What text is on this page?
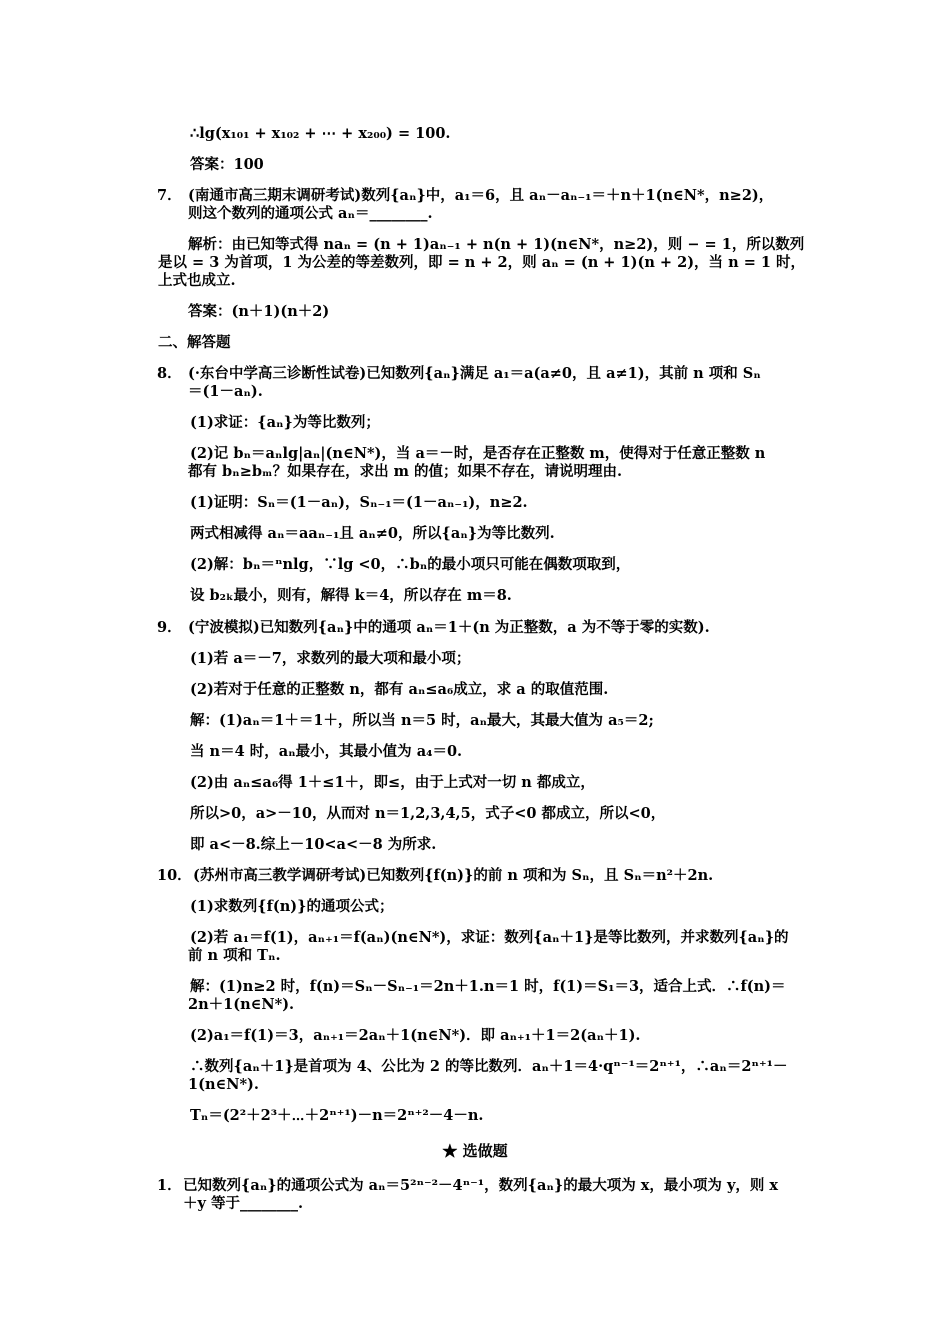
∴lg(x₁₀₁ + x₁₀₂ + ⋯ + x₂₀₀) = 100.
答案：100
7． (南通市高三期末调研考试)数列{aₙ}中，a₁＝6，且 aₙ－aₙ₋₁＝＋n＋1(n∈N*，n≥2)，
则这个数列的通项公式 aₙ＝________.
解析：由已知等式得 naₙ = (n + 1)aₙ₋₁ + n(n + 1)(n∈N*，n≥2)，则 − = 1，所以数列
是以 = 3 为首项，1 为公差的等差数列，即 = n + 2，则 aₙ = (n + 1)(n + 2)，当 n = 1 时，
上式也成立.
答案：(n＋1)(n＋2)
二、解答题
8． (·东台中学高三诊断性试卷)已知数列{aₙ}满足 a₁＝a(a≠0，且 a≠1)，其前 n 项和 Sₙ
＝(1－aₙ).
(1)求证：{aₙ}为等比数列；
(2)记 bₙ＝aₙlg|aₙ|(n∈N*)，当 a＝－时，是否存在正整数 m，使得对于任意正整数 n
都有 bₙ≥bₘ？如果存在，求出 m 的值；如果不存在，请说明理由.
(1)证明：Sₙ＝(1－aₙ)，Sₙ₋₁＝(1－aₙ₋₁)，n≥2.
两式相减得 aₙ＝aaₙ₋₁且 aₙ≠0，所以{aₙ}为等比数列.
(2)解：bₙ＝ⁿnlg，∵lg <0，∴bₙ的最小项只可能在偶数项取到，
设 b₂ₖ最小，则有，解得 k＝4，所以存在 m＝8.
9． (宁波模拟)已知数列{aₙ}中的通项 aₙ＝1＋(n 为正整数，a 为不等于零的实数).
(1)若 a＝－7，求数列的最大项和最小项；
(2)若对于任意的正整数 n，都有 aₙ≤a₆成立，求 a 的取值范围.
解：(1)aₙ＝1＋＝1＋，所以当 n＝5 时，aₙ最大，其最大值为 a₅＝2;
当 n＝4 时，aₙ最小，其最小值为 a₄＝0.
(2)由 aₙ≤a₆得 1＋≤1＋，即≤，由于上式对一切 n 都成立，
所以>0，a>－10，从而对 n＝1,2,3,4,5，式子<0 都成立，所以<0，
即 a<－8.综上－10<a<－8 为所求.
10． (苏州市高三教学调研考试)已知数列{f(n)}的前 n 项和为 Sₙ，且 Sₙ＝n²＋2n.
(1)求数列{f(n)}的通项公式；
(2)若 a₁＝f(1)，aₙ₊₁＝f(aₙ)(n∈N*)，求证：数列{aₙ＋1}是等比数列，并求数列{aₙ}的
前 n 项和 Tₙ.
解：(1)n≥2 时，f(n)＝Sₙ－Sₙ₋₁＝2n＋1.n＝1 时，f(1)＝S₁＝3，适合上式．∴f(n)＝
2n＋1(n∈N*).
(2)a₁＝f(1)＝3，aₙ₊₁＝2aₙ＋1(n∈N*)．即 aₙ₊₁＋1＝2(aₙ＋1).
∴数列{aₙ＋1}是首项为 4、公比为 2 的等比数列．aₙ＋1＝4·qⁿ⁻¹＝2ⁿ⁺¹，∴aₙ＝2ⁿ⁺¹－
1(n∈N*).
Tₙ＝(2²＋2³＋⋯＋2ⁿ⁺¹)－n＝2ⁿ⁺²－4－n.
★ 选做题
1． 已知数列{aₙ}的通项公式为 aₙ＝5²ⁿ⁻²－4ⁿ⁻¹，数列{aₙ}的最大项为 x，最小项为 y，则 x
＋y 等于________.
